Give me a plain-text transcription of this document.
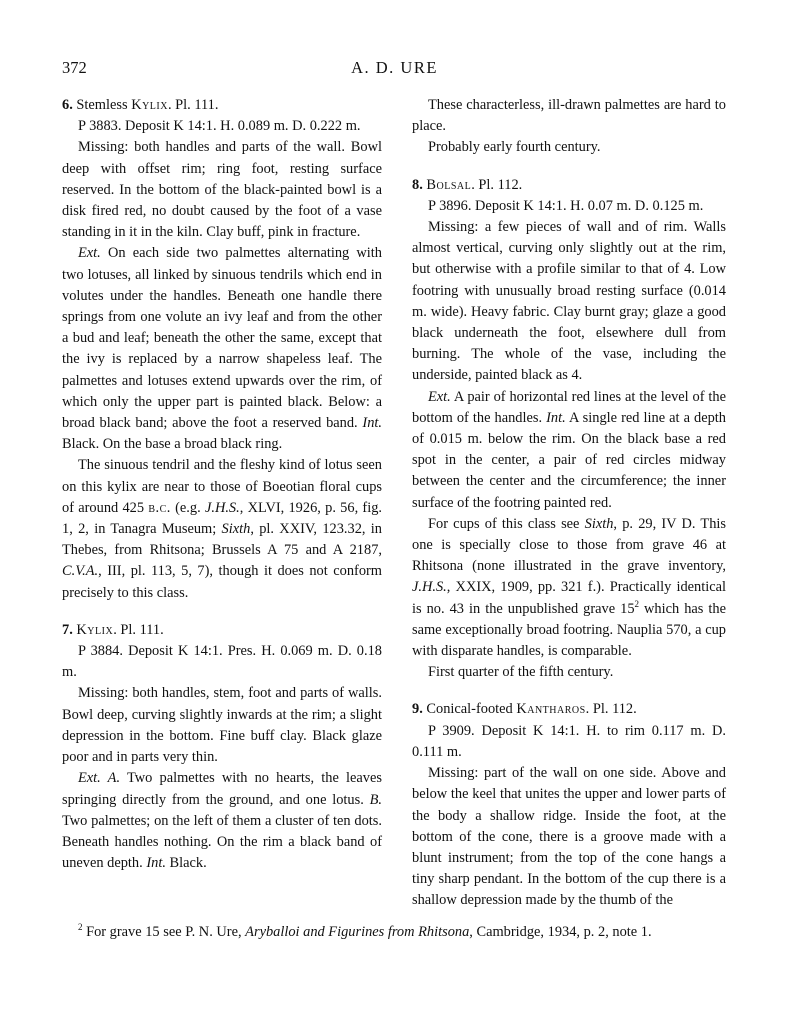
372	A. D. URE

6. Stemless Kylix. Pl. 111.

P 3883. Deposit K 14:1. H. 0.089 m. D. 0.222 m.

Missing: both handles and parts of the wall. Bowl deep with offset rim; ring foot, resting surface reserved. In the bottom of the black-painted bowl is a disk fired red, no doubt caused by the foot of a vase standing in it in the kiln. Clay buff, pink in fracture.

Ext. On each side two palmettes alternating with two lotuses, all linked by sinuous tendrils which end in volutes under the handles. Beneath one handle there springs from one volute an ivy leaf and from the other a bud and leaf; beneath the other the same, except that the ivy is replaced by a narrow shapeless leaf. The palmettes and lotuses extend upwards over the rim, of which only the upper part is painted black. Below: a broad black band; above the foot a reserved band. Int. Black. On the base a broad black ring.

The sinuous tendril and the fleshy kind of lotus seen on this kylix are near to those of Boeotian floral cups of around 425 b.c. (e.g. J.H.S., XLVI, 1926, p. 56, fig. 1, 2, in Tanagra Museum; Sixth, pl. XXIV, 123.32, in Thebes, from Rhitsona; Brussels A 75 and A 2187, C.V.A., III, pl. 113, 5, 7), though it does not conform precisely to this class.

7. Kylix. Pl. 111.

P 3884. Deposit K 14:1. Pres. H. 0.069 m. D. 0.18 m.

Missing: both handles, stem, foot and parts of walls. Bowl deep, curving slightly inwards at the rim; a slight depression in the bottom. Fine buff clay. Black glaze poor and in parts very thin.

Ext. A. Two palmettes with no hearts, the leaves springing directly from the ground, and one lotus. B. Two palmettes; on the left of them a cluster of ten dots. Beneath handles nothing. On the rim a black band of uneven depth. Int. Black.

These characterless, ill-drawn palmettes are hard to place.

Probably early fourth century.

8. Bolsal. Pl. 112.

P 3896. Deposit K 14:1. H. 0.07 m. D. 0.125 m.

Missing: a few pieces of wall and of rim. Walls almost vertical, curving only slightly out at the rim, but otherwise with a profile similar to that of 4. Low footring with unusually broad resting surface (0.014 m. wide). Heavy fabric. Clay burnt gray; glaze a good black underneath the foot, elsewhere dull from burning. The whole of the vase, including the underside, painted black as 4.

Ext. A pair of horizontal red lines at the level of the bottom of the handles. Int. A single red line at a depth of 0.015 m. below the rim. On the black base a red spot in the center, a pair of red circles midway between the center and the circumference; the inner surface of the footring painted red.

For cups of this class see Sixth, p. 29, IV D. This one is specially close to those from grave 46 at Rhitsona (none illustrated in the grave inventory, J.H.S., XXIX, 1909, pp. 321 f.). Practically identical is no. 43 in the unpublished grave $15^2$ which has the same exceptionally broad footring. Nauplia 570, a cup with disparate handles, is comparable.

First quarter of the fifth century.

9. Conical-footed Kantharos. Pl. 112.

P 3909. Deposit K 14:1. H. to rim 0.117 m. D. 0.111 m.

Missing: part of the wall on one side. Above and below the keel that unites the upper and lower parts of the body a shallow ridge. Inside the foot, at the bottom of the cone, there is a groove made with a blunt instrument; from the top of the cone hangs a tiny sharp pendant. In the bottom of the cup there is a shallow depression made by the thumb of the

$^2$ For grave 15 see P. N. Ure, Aryballoi and Figurines from Rhitsona, Cambridge, 1934, p. 2, note 1.
